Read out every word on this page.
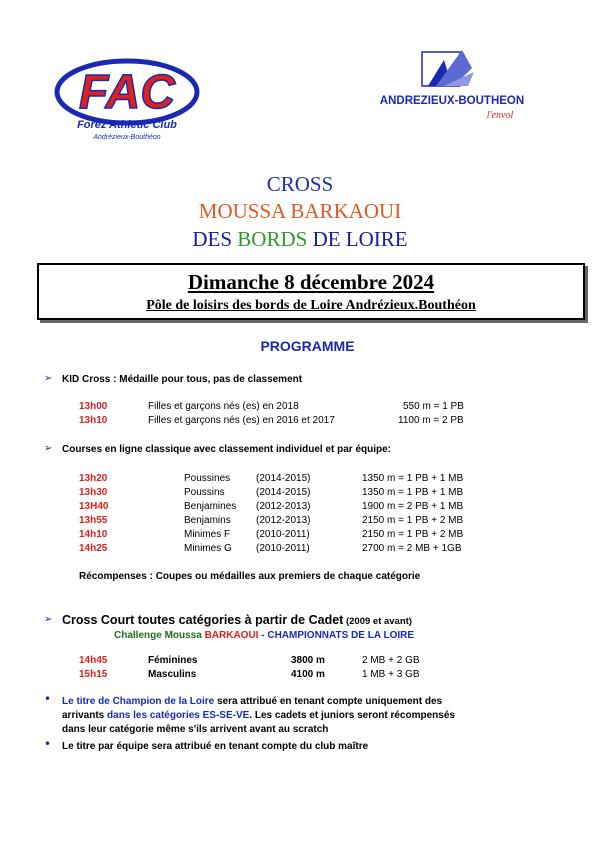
FAC
Forez Athletic Club
Andrézieux-Bouthéon
ANDREZIEUX-BOUTHEON
l'envol
CROSS
MOUSSA BARKAOUI
DES BORDS DE LOIRE
Dimanche 8 décembre 2024
Pôle de loisirs des bords de Loire Andrézieux.Bouthéon
PROGRAMME
➢ KID Cross : Médaille pour tous, pas de classement
13h00	Filles et garçons nés (es) en 2018	550 m = 1 PB
13h10	Filles et garçons nés (es) en 2016 et 2017	1100 m = 2 PB
➢ Courses en ligne classique avec classement individuel et par équipe:
13h20	Poussines	(2014-2015)	1350 m = 1 PB + 1 MB
13h30	Poussins	(2014-2015)	1350 m = 1 PB + 1 MB
13H40	Benjamines (2012-2013)	1900 m = 2 PB + 1 MB
13h55	Benjamins	(2012-2013)	2150 m = 1 PB + 2 MB
14h10	Minimes F	(2010-2011)	2150 m = 1 PB + 2 MB
14h25	Minimes G (2010-2011)	2700 m = 2 MB + 1GB
Récompenses : Coupes ou médailles aux premiers de chaque catégorie
➢ Cross Court toutes catégories à partir de Cadet (2009 et avant)
Challenge Moussa BARKAOUI - CHAMPIONNATS DE LA LOIRE
14h45	Féminines	3800 m	2 MB + 2 GB
15h15	Masculins	4100 m	1 MB + 3 GB
• Le titre de Champion de la Loire sera attribué en tenant compte uniquement des
arrivants dans les catégories ES-SE-VE. Les cadets et juniors seront récompensés
dans leur catégorie même s'ils arrivent avant au scratch
• Le titre par équipe sera attribué en tenant compte du club maître
